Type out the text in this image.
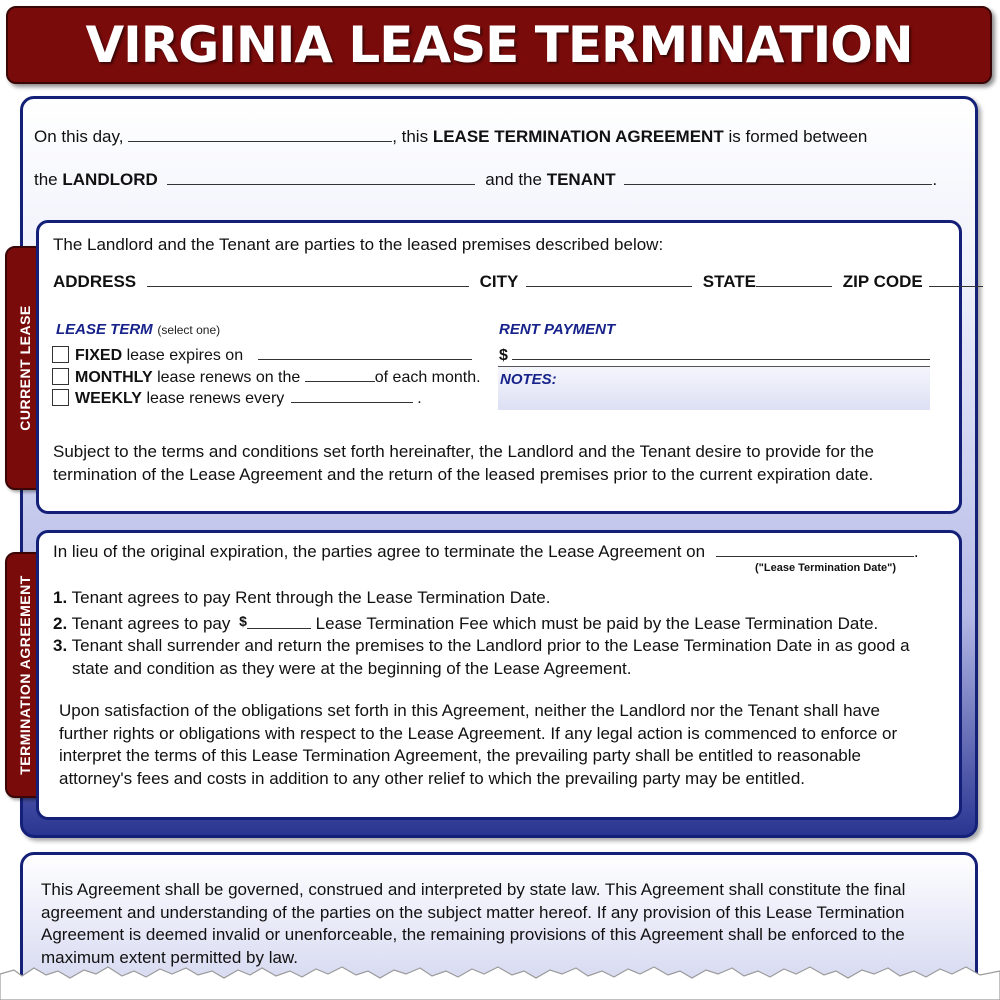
VIRGINIA LEASE TERMINATION
On this day,	, this LEASE TERMINATION AGREEMENT is formed between
the LANDLORD	and the TENANT	.
CURRENT LEASE
TERMINATION AGREEMENT
The Landlord and the Tenant are parties to the leased premises described below:
ADDRESS	CITY	STATE	ZIP CODE
LEASE TERM (select one)	RENT PAYMENT
FIXED lease expires on
MONTHLY lease renews on the	of each month.
WEEKLY lease renews every	.
$
NOTES:
Subject to the terms and conditions set forth hereinafter, the Landlord and the Tenant desire to provide for the
termination of the Lease Agreement and the return of the leased premises prior to the current expiration date.
In lieu of the original expiration, the parties agree to terminate the Lease Agreement on	.
("Lease Termination Date")
1. Tenant agrees to pay Rent through the Lease Termination Date.
2. Tenant agrees to pay $	Lease Termination Fee which must be paid by the Lease Termination Date.
3. Tenant shall surrender and return the premises to the Landlord prior to the Lease Termination Date in as good a
state and condition as they were at the beginning of the Lease Agreement.
Upon satisfaction of the obligations set forth in this Agreement, neither the Landlord nor the Tenant shall have
further rights or obligations with respect to the Lease Agreement. If any legal action is commenced to enforce or
interpret the terms of this Lease Termination Agreement, the prevailing party shall be entitled to reasonable
attorney's fees and costs in addition to any other relief to which the prevailing party may be entitled.
This Agreement shall be governed, construed and interpreted by state law. This Agreement shall constitute the final
agreement and understanding of the parties on the subject matter hereof. If any provision of this Lease Termination
Agreement is deemed invalid or unenforceable, the remaining provisions of this Agreement shall be enforced to the
maximum extent permitted by law.
